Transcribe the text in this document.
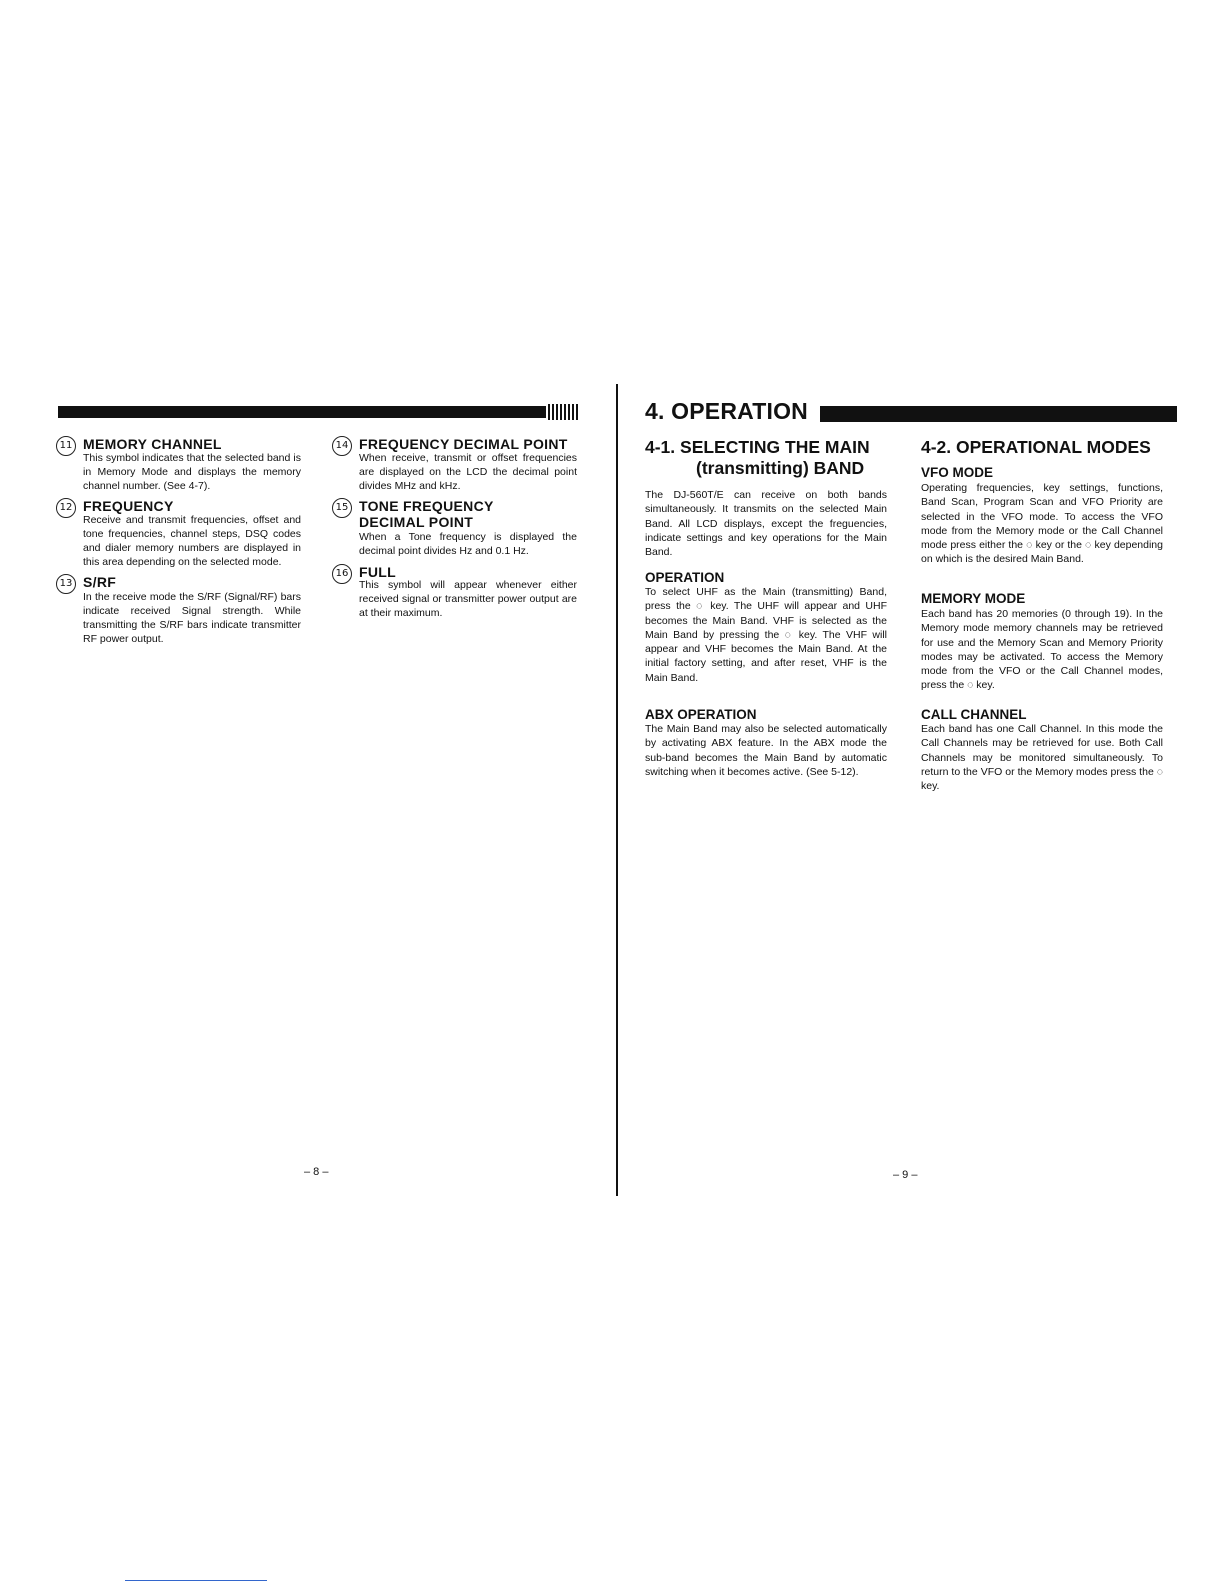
11 MEMORY CHANNEL
This symbol indicates that the selected band is in Memory Mode and displays the memory channel number. (See 4-7).
12 FREQUENCY
Receive and transmit frequencies, offset and tone frequencies, channel steps, DSQ codes and dialer memory numbers are displayed in this area depending on the selected mode.
13 S/RF
In the receive mode the S/RF (Signal/RF) bars indicate received Signal strength. While transmitting the S/RF bars indicate transmitter RF power output.
14 FREQUENCY DECIMAL POINT
When receive, transmit or offset frequencies are displayed on the LCD the decimal point divides MHz and kHz.
15 TONE FREQUENCY
DECIMAL POINT
When a Tone frequency is displayed the decimal point divides Hz and 0.1 Hz.
16 FULL
This symbol will appear whenever either received signal or transmitter power output are at their maximum.
– 8 –
4. OPERATION
4-1. SELECTING THE MAIN
(transmitting) BAND
The DJ-560T/E can receive on both bands simultaneously. It transmits on the selected Main Band. All LCD displays, except the freguencies, indicate settings and key operations for the Main Band.
OPERATION
To select UHF as the Main (transmitting) Band, press the ◌ key. The UHF will appear and UHF becomes the Main Band. VHF is selected as the Main Band by pressing the ◌ key. The VHF will appear and VHF becomes the Main Band. At the initial factory setting, and after reset, VHF is the Main Band.
ABX OPERATION
The Main Band may also be selected automatically by activating ABX feature. In the ABX mode the sub-band becomes the Main Band by automatic switching when it becomes active. (See 5-12).
4-2. OPERATIONAL MODES
VFO MODE
Operating frequencies, key settings, functions, Band Scan, Program Scan and VFO Priority are selected in the VFO mode. To access the VFO mode from the Memory mode or the Call Channel mode press either the ◌ key or the ◌ key depending on which is the desired Main Band.
MEMORY MODE
Each band has 20 memories (0 through 19). In the Memory mode memory channels may be retrieved for use and the Memory Scan and Memory Priority modes may be activated. To access the Memory mode from the VFO or the Call Channel modes, press the ◌ key.
CALL CHANNEL
Each band has one Call Channel. In this mode the Call Channels may be retrieved for use. Both Call Channels may be monitored simultaneously. To return to the VFO or the Memory modes press the ◌ key.
– 9 –
